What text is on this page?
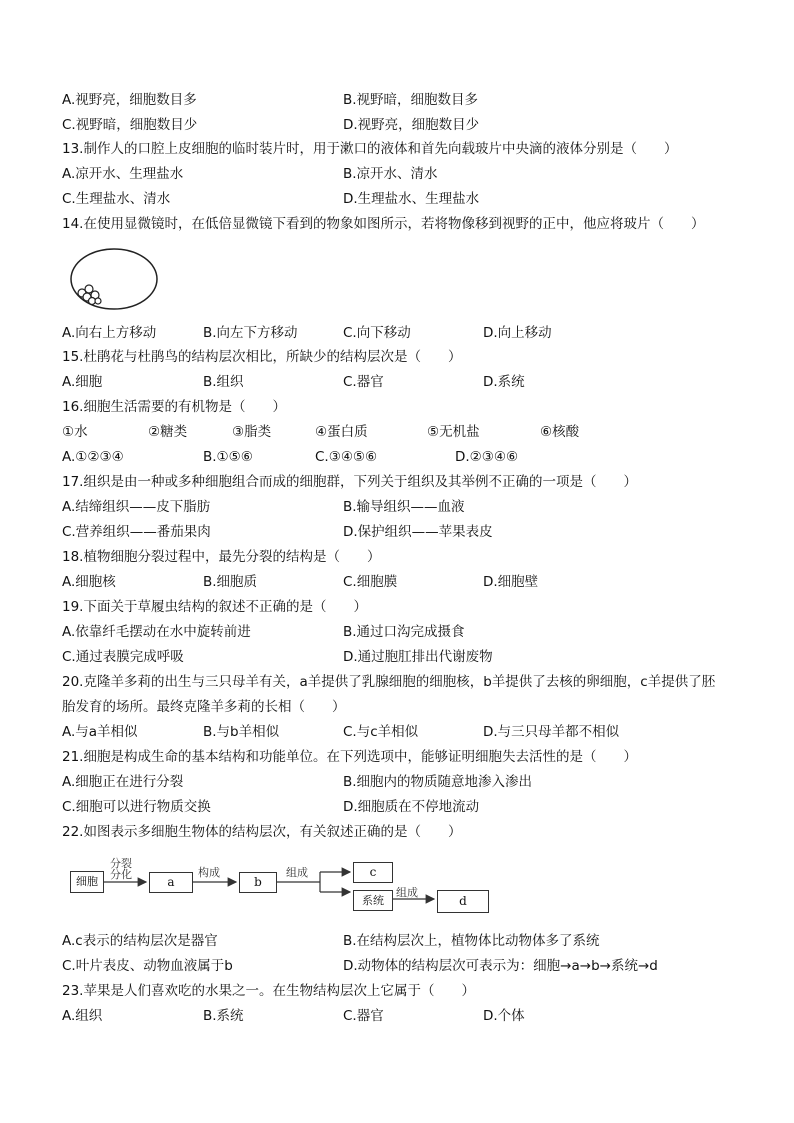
A.视野亮，细胞数目多	B.视野暗，细胞数目多
C.视野暗，细胞数目少	D.视野亮，细胞数目少
13.制作人的口腔上皮细胞的临时装片时，用于漱口的液体和首先向载玻片中央滴的液体分别是（　　）
A.凉开水、生理盐水	B.凉开水、清水
C.生理盐水、清水	D.生理盐水、生理盐水
14.在使用显微镜时，在低倍显微镜下看到的物象如图所示，若将物像移到视野的正中，他应将玻片（　　）
A.向右上方移动	B.向左下方移动	C.向下移动	D.向上移动
15.杜鹃花与杜鹃鸟的结构层次相比，所缺少的结构层次是（　　）
A.细胞	B.组织	C.器官	D.系统
16.细胞生活需要的有机物是（　　）
①水	②糖类	③脂类	④蛋白质	⑤无机盐	⑥核酸
A.①②③④	B.①⑤⑥	C.③④⑤⑥	D.②③④⑥
17.组织是由一种或多种细胞组合而成的细胞群，下列关于组织及其举例不正确的一项是（　　）
A.结缔组织——皮下脂肪	B.输导组织——血液
C.营养组织——番茄果肉	D.保护组织——苹果表皮
18.植物细胞分裂过程中，最先分裂的结构是（　　）
A.细胞核	B.细胞质	C.细胞膜	D.细胞壁
19.下面关于草履虫结构的叙述不正确的是（　　）
A.依靠纤毛摆动在水中旋转前进	B.通过口沟完成摄食
C.通过表膜完成呼吸	D.通过胞肛排出代谢废物
20.克隆羊多莉的出生与三只母羊有关，a羊提供了乳腺细胞的细胞核，b羊提供了去核的卵细胞，c羊提供了胚
胎发育的场所。最终克隆羊多莉的长相（　　）
A.与a羊相似	B.与b羊相似	C.与c羊相似	D.与三只母羊都不相似
21.细胞是构成生命的基本结构和功能单位。在下列选项中，能够证明细胞失去活性的是（　　）
A.细胞正在进行分裂	B.细胞内的物质随意地渗入渗出
C.细胞可以进行物质交换	D.细胞质在不停地流动
22.如图表示多细胞生物体的结构层次，有关叙述正确的是（　　）
细胞
分裂
分化
a
构成
b
组成	c
系统
组成
d
A.c表示的结构层次是器官	B.在结构层次上，植物体比动物体多了系统
C.叶片表皮、动物血液属于b	D.动物体的结构层次可表示为：细胞→a→b→系统→d
23.苹果是人们喜欢吃的水果之一。在生物结构层次上它属于（　　）
A.组织	B.系统	C.器官	D.个体
